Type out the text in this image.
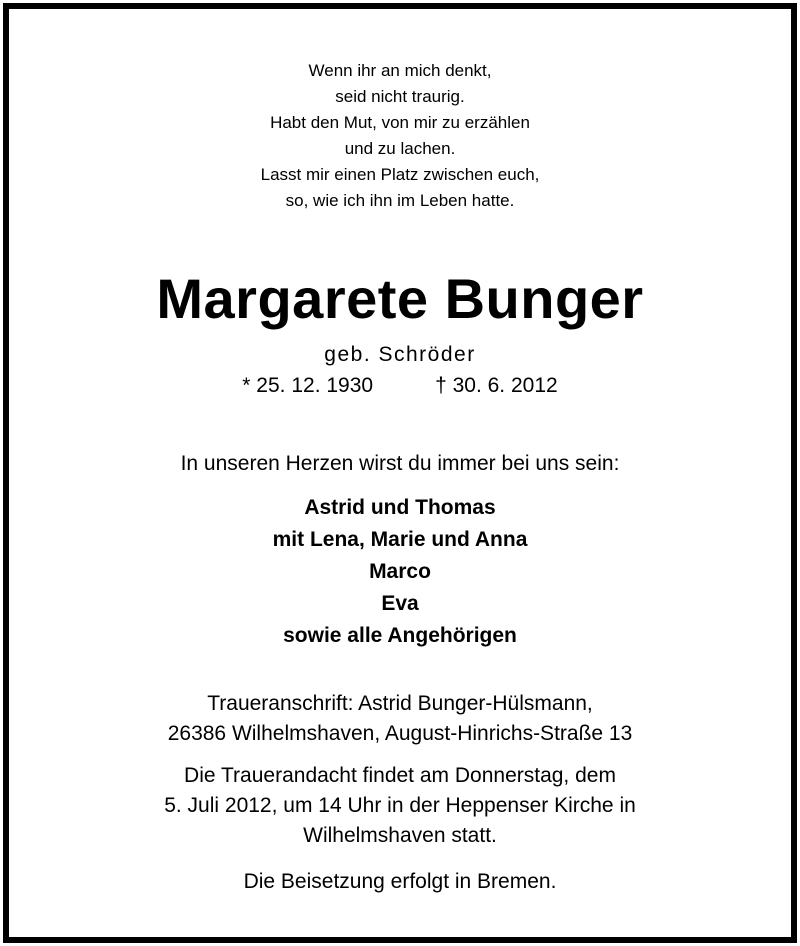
Wenn ihr an mich denkt,
seid nicht traurig.
Habt den Mut, von mir zu erzählen
und zu lachen.
Lasst mir einen Platz zwischen euch,
so, wie ich ihn im Leben hatte.
Margarete Bunger
geb. Schröder
* 25. 12. 1930	† 30. 6. 2012
In unseren Herzen wirst du immer bei uns sein:
Astrid und Thomas
mit Lena, Marie und Anna
Marco
Eva
sowie alle Angehörigen
Traueranschrift: Astrid Bunger-Hülsmann,
26386 Wilhelmshaven, August-Hinrichs-Straße 13
Die Trauerandacht findet am Donnerstag, dem
5. Juli 2012, um 14 Uhr in der Heppenser Kirche in
Wilhelmshaven statt.
Die Beisetzung erfolgt in Bremen.
